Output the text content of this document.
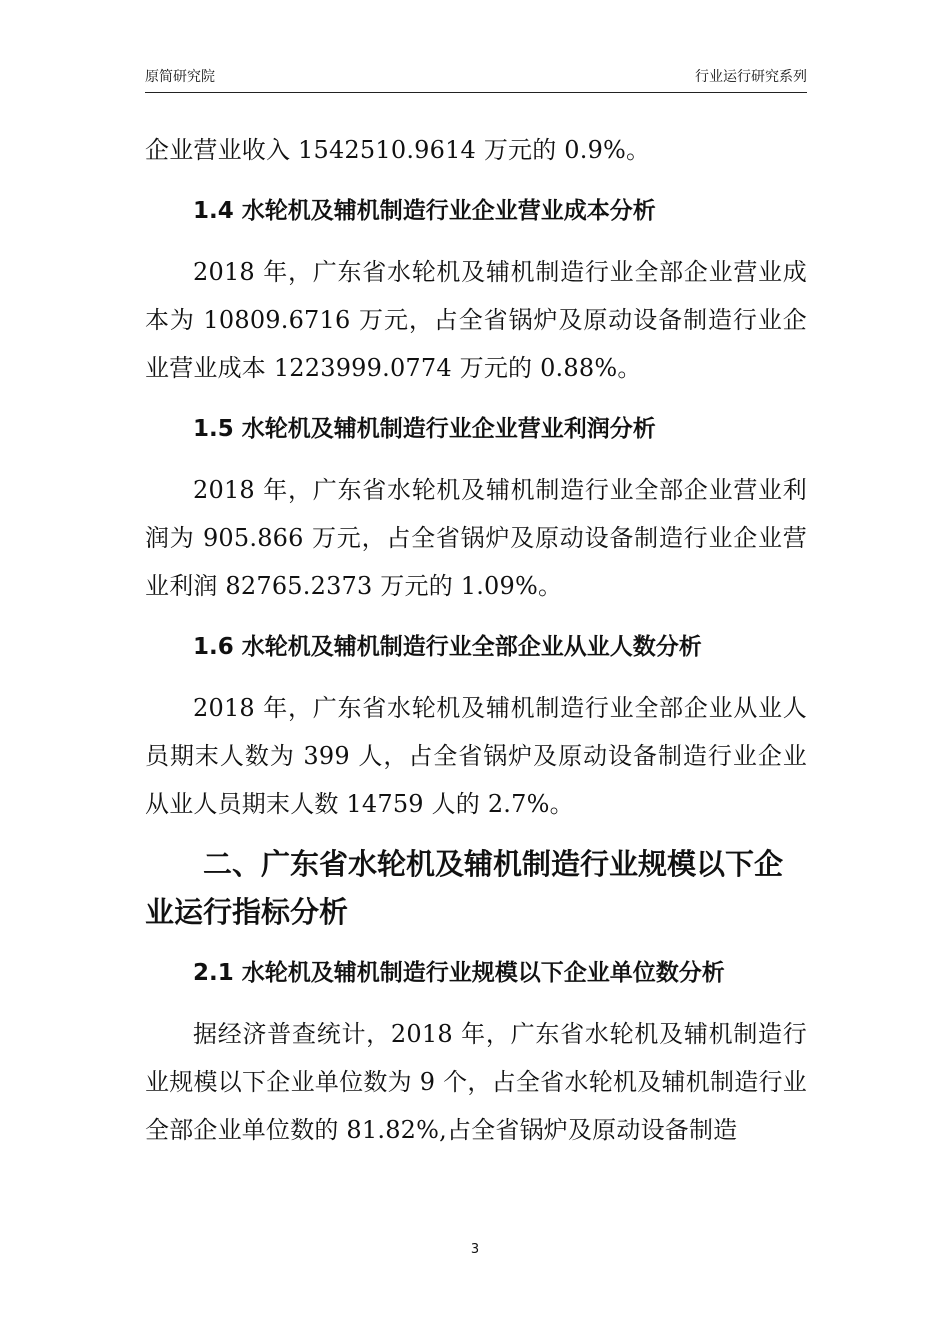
原简研究院	行业运行研究系列

企业营业收入 1542510.9614 万元的 0.9%。

1.4 水轮机及辅机制造行业企业营业成本分析

2018 年，广东省水轮机及辅机制造行业全部企业营业成本为 10809.6716 万元，占全省锅炉及原动设备制造行业企业营业成本 1223999.0774 万元的 0.88%。

1.5 水轮机及辅机制造行业企业营业利润分析

2018 年，广东省水轮机及辅机制造行业全部企业营业利润为 905.866 万元，占全省锅炉及原动设备制造行业企业营业利润 82765.2373 万元的 1.09%。

1.6 水轮机及辅机制造行业全部企业从业人数分析

2018 年，广东省水轮机及辅机制造行业全部企业从业人员期末人数为 399 人，占全省锅炉及原动设备制造行业企业从业人员期末人数 14759 人的 2.7%。

二、广东省水轮机及辅机制造行业规模以下企业运行指标分析
2.1 水轮机及辅机制造行业规模以下企业单位数分析

据经济普查统计，2018 年，广东省水轮机及辅机制造行业规模以下企业单位数为 9 个，占全省水轮机及辅机制造行业全部企业单位数的 81.82%,占全省锅炉及原动设备制造

3
